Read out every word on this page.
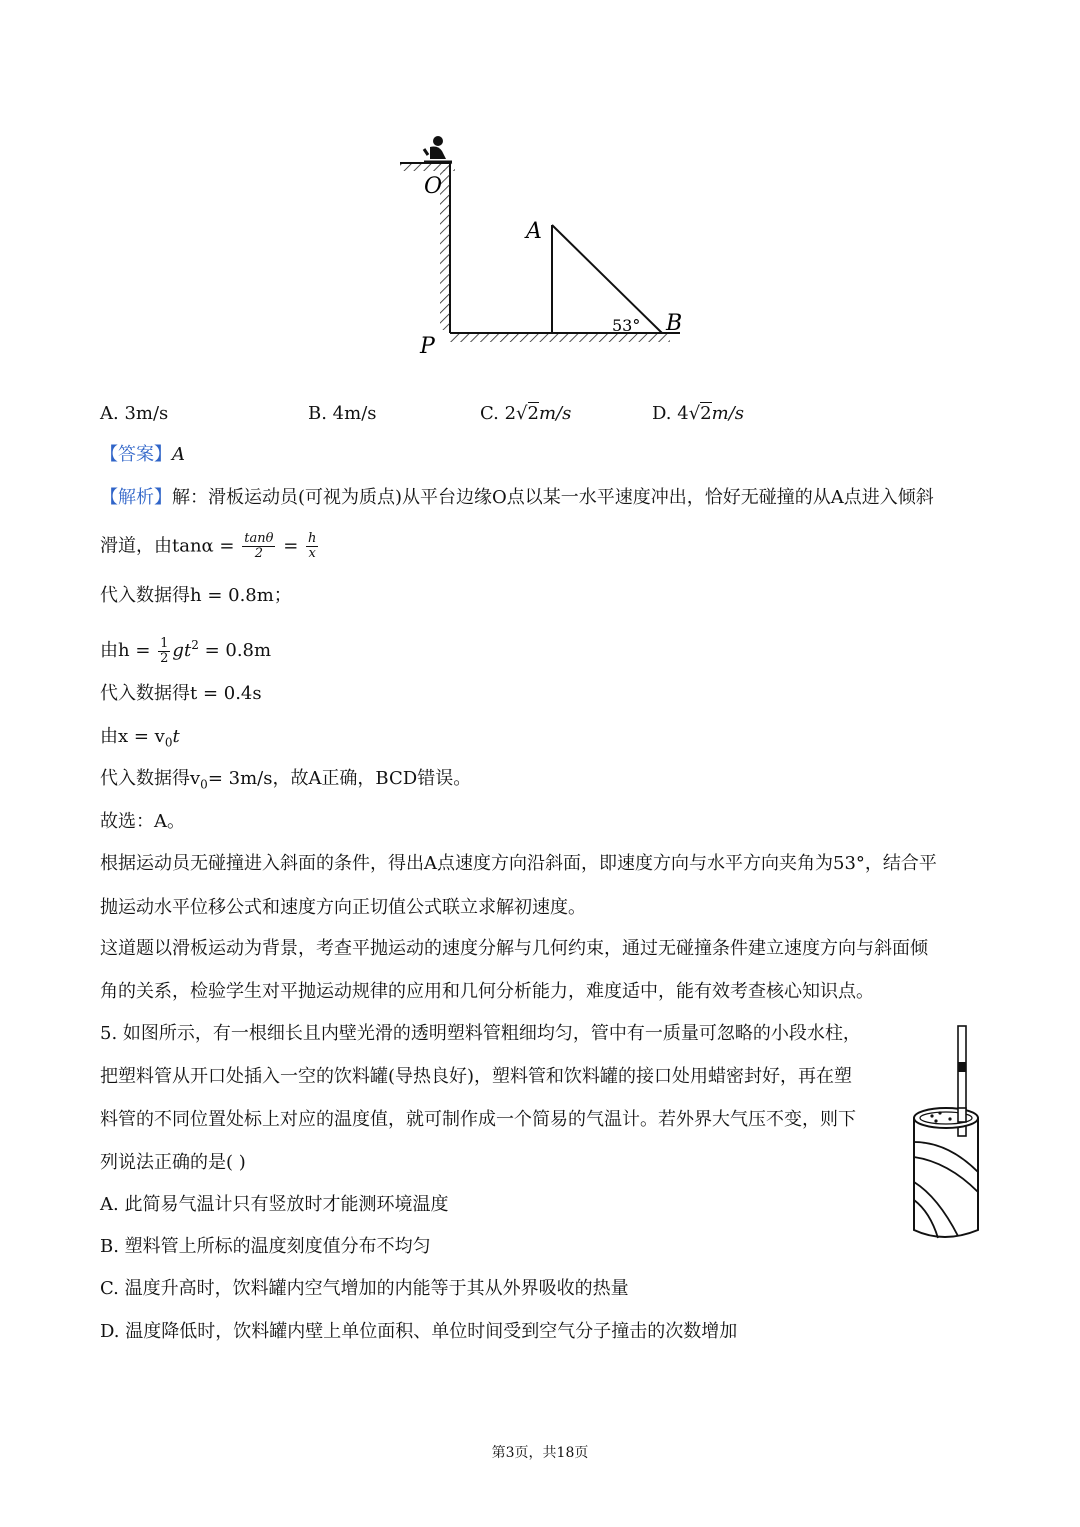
O
A
B
P
53°
A. 3m/s	B. 4m/s	C. 2√2m/s	D. 4√2m/s
【答案】A
【解析】解：滑板运动员(可视为质点)从平台边缘O点以某一水平速度冲出，恰好无碰撞的从A点进入倾斜
滑道，由$\tan\alpha = \frac{\tan\theta}{2} = \frac{h}{x}$
代入数据得h = 0.8m；
由$h = \frac{1}{2} gt^2 = 0.8m$
代入数据得t = 0.4s
由$x = v_0t$
代入数据得$v_0= 3m/s$，故A正确，BCD错误。
故选：A。
根据运动员无碰撞进入斜面的条件，得出A点速度方向沿斜面，即速度方向与水平方向夹角为53°，结合平
抛运动水平位移公式和速度方向正切值公式联立求解初速度。
这道题以滑板运动为背景，考查平抛运动的速度分解与几何约束，通过无碰撞条件建立速度方向与斜面倾
角的关系，检验学生对平抛运动规律的应用和几何分析能力，难度适中，能有效考查核心知识点。
5. 如图所示，有一根细长且内壁光滑的透明塑料管粗细均匀，管中有一质量可忽略的小段水柱，
把塑料管从开口处插入一空的饮料罐(导热良好)，塑料管和饮料罐的接口处用蜡密封好，再在塑
料管的不同位置处标上对应的温度值，就可制作成一个简易的气温计。若外界大气压不变，则下
列说法正确的是( )
A. 此简易气温计只有竖放时才能测环境温度
B. 塑料管上所标的温度刻度值分布不均匀
C. 温度升高时，饮料罐内空气增加的内能等于其从外界吸收的热量
D. 温度降低时，饮料罐内壁上单位面积、单位时间受到空气分子撞击的次数增加
第3页，共18页
